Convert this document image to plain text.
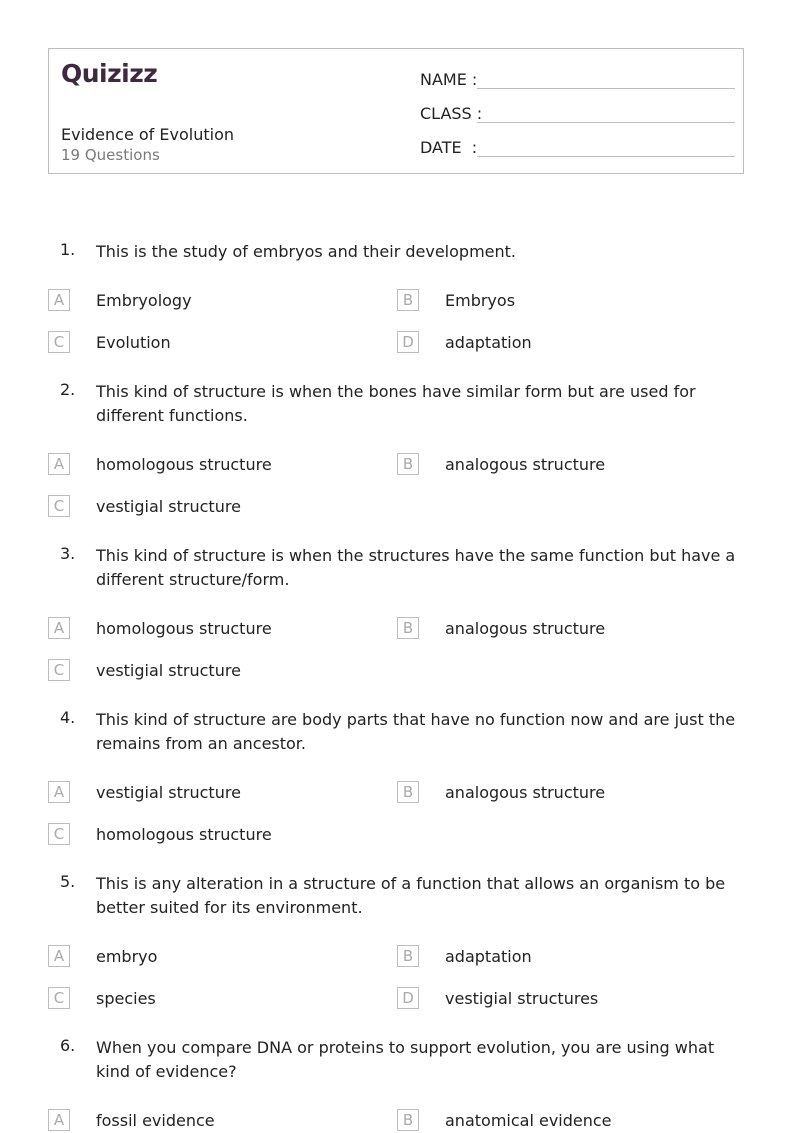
Quizizz
Evidence of Evolution
19 Questions
NAME :
CLASS :
DATE  :
1. This is the study of embryos and their development.
A	Embryology	B	Embryos
C	Evolution	D	adaptation
2. This kind of structure is when the bones have similar form but are used for different functions.
A	homologous structure	B	analogous structure
C	vestigial structure
3. This kind of structure is when the structures have the same function but have a different structure/form.
A	homologous structure	B	analogous structure
C	vestigial structure
4. This kind of structure are body parts that have no function now and are just the remains from an ancestor.
A	vestigial structure	B	analogous structure
C	homologous structure
5. This is any alteration in a structure of a function that allows an organism to be better suited for its environment.
A	embryo	B	adaptation
C	species	D	vestigial structures
6. When you compare DNA or proteins to support evolution, you are using what kind of evidence?
A	fossil evidence	B	anatomical evidence
